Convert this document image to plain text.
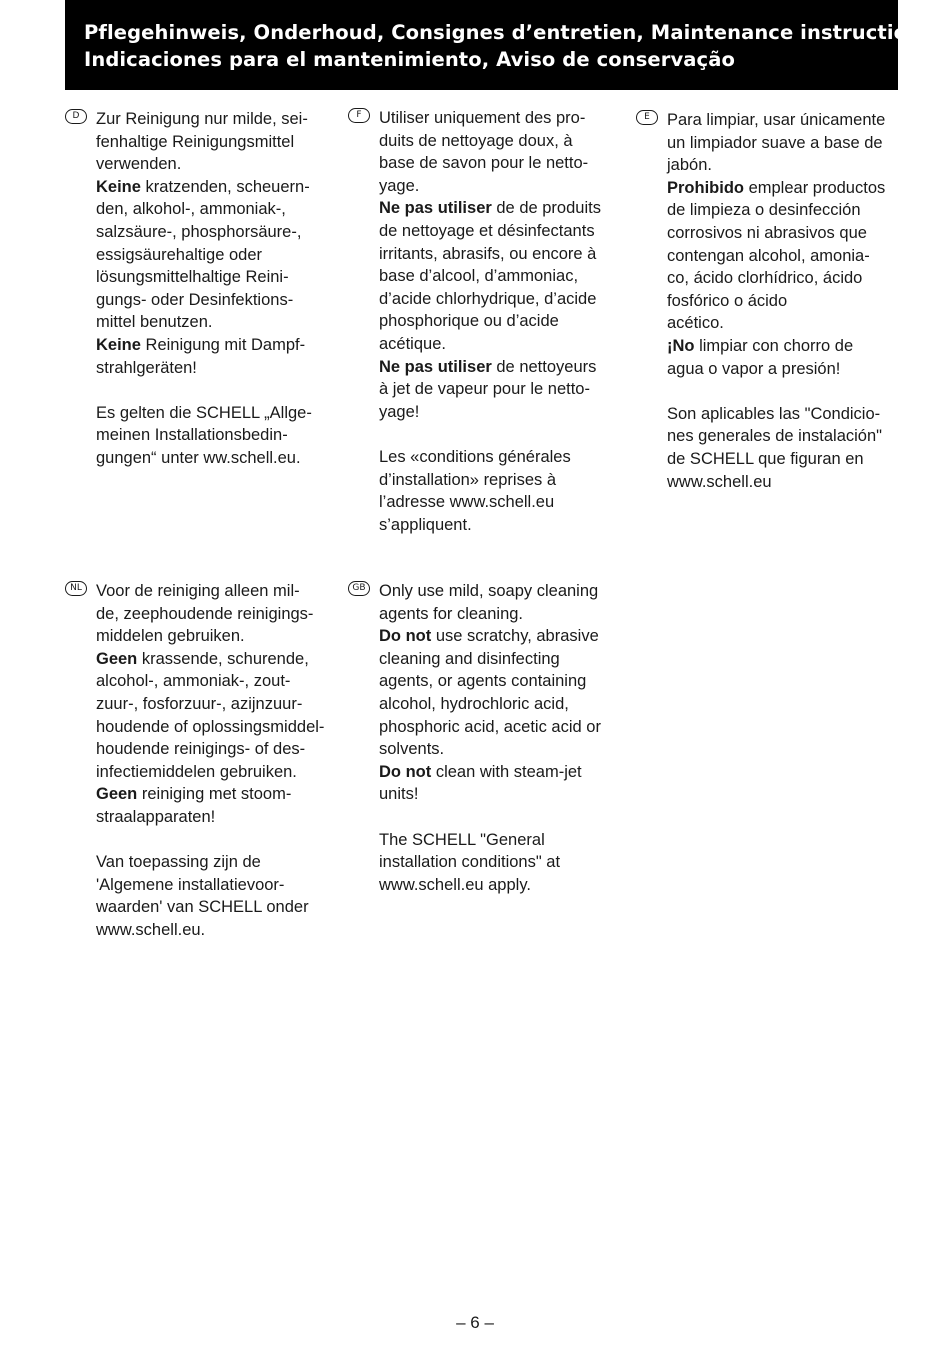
Pflegehinweis, Onderhoud, Consignes d’entretien, Maintenance instructions,
Indicaciones para el mantenimiento, Aviso de conservação
D	Zur Reinigung nur milde, sei-
fenhaltige Reinigungsmittel
verwenden.

Keine kratzenden, scheuern-
den, alkohol-, ammoniak-,
salzsäure-, phosphorsäure-,
essigsäurehaltige oder
lösungsmittelhaltige Reini-
gungs- oder Desinfektions-
mittel benutzen.

Keine Reinigung mit Dampf-
strahlgeräten!

Es gelten die SCHELL „Allge-
meinen Installationsbedin-
gungen“ unter ww.schell.eu.

F	Utiliser uniquement des pro-
duits de nettoyage doux, à
base de savon pour le netto-
yage.

Ne pas utiliser de de produits
de nettoyage et désinfectants
irritants, abrasifs, ou encore à
base d’alcool, d’ammoniac,
d’acide chlorhydrique, d’acide
phosphorique ou d’acide
acétique.

Ne pas utiliser de nettoyeurs
à jet de vapeur pour le netto-
yage!

Les «conditions générales
d’installation» reprises à
l’adresse www.schell.eu
s’appliquent.

E	Para limpiar, usar únicamente
un limpiador suave a base de
jabón.

Prohibido emplear productos
de limpieza o desinfección
corrosivos ni abrasivos que
contengan alcohol, amonia-
co, ácido clorhídrico, ácido
fosfórico o ácido
acético.

¡No limpiar con chorro de
agua o vapor a presión!

Son aplicables las "Condicio-
nes generales de instalación"
de SCHELL que figuran en
www.schell.eu

NL Voor de reiniging alleen mil-
de, zeephoudende reinigings-
middelen gebruiken.

Geen krassende, schurende,
alcohol-, ammoniak-, zout-
zuur-, fosforzuur-, azijnzuur-
houdende of oplossingsmiddel-
houdende reinigings- of des-
infectiemiddelen gebruiken.

Geen reiniging met stoom-
straalapparaten!

Van toepassing zijn de
'Algemene installatievoor-
waarden' van SCHELL onder
www.schell.eu.

GB Only use mild, soapy cleaning
agents for cleaning.

Do not use scratchy, abrasive
cleaning and disinfecting
agents, or agents containing
alcohol, hydrochloric acid,
phosphoric acid, acetic acid or
solvents.

Do not clean with steam-jet
units!

The SCHELL "General
installation conditions" at
www.schell.eu apply.

– 6 –
